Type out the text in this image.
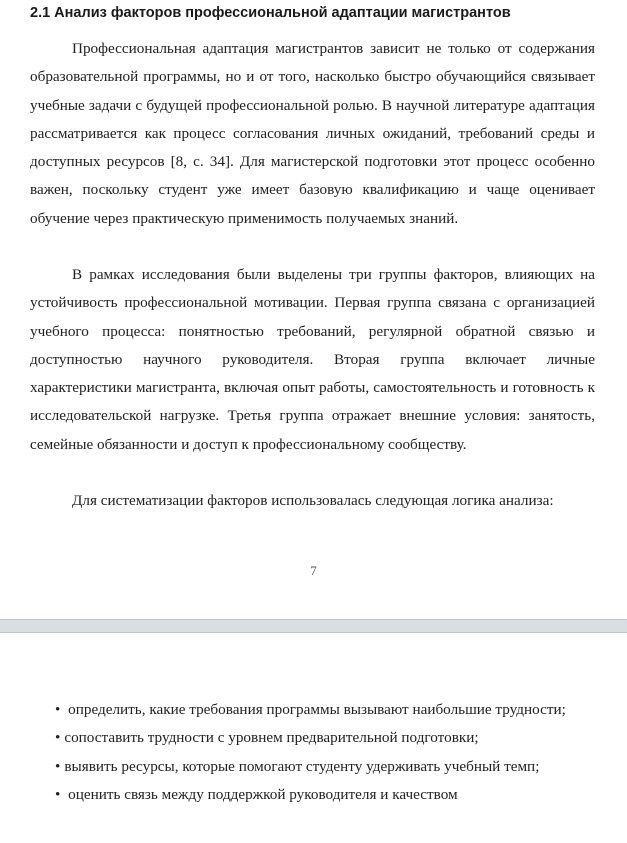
2.1 Анализ факторов профессиональной адаптации магистрантов

Профессиональная адаптация магистрантов зависит не только от содержания образовательной программы, но и от того, насколько быстро обучающийся связывает учебные задачи с будущей профессиональной ролью. В научной литературе адаптация рассматривается как процесс согласования личных ожиданий, требований среды и доступных ресурсов [8, с. 34]. Для магистерской подготовки этот процесс особенно важен, поскольку студент уже имеет базовую квалификацию и чаще оценивает обучение через практическую применимость получаемых знаний.

В рамках исследования были выделены три группы факторов, влияющих на устойчивость профессиональной мотивации. Первая группа связана с организацией учебного процесса: понятностью требований, регулярной обратной связью и доступностью научного руководителя. Вторая группа включает личные характеристики магистранта, включая опыт работы, самостоятельность и готовность к исследовательской нагрузке. Третья группа отражает внешние условия: занятость, семейные обязанности и доступ к профессиональному сообществу.

Для систематизации факторов использовалась следующая логика анализа:

7
• определить, какие требования программы вызывают наибольшие трудности;
• сопоставить трудности с уровнем предварительной подготовки;
• выявить ресурсы, которые помогают студенту удерживать учебный темп;
• оценить связь между поддержкой руководителя и качеством
